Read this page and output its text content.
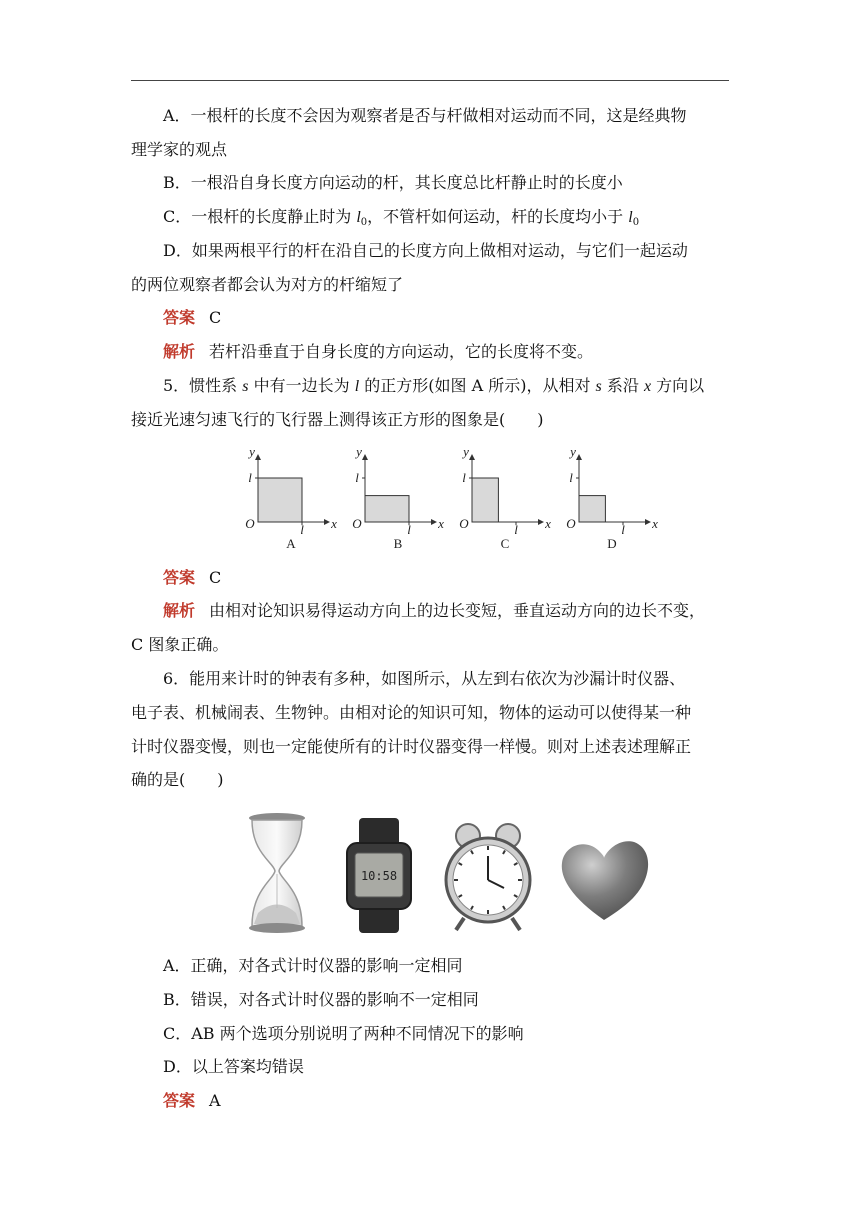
A．一根杆的长度不会因为观察者是否与杆做相对运动而不同，这是经典物
理学家的观点
B．一根沿自身长度方向运动的杆，其长度总比杆静止时的长度小
C．一根杆的长度静止时为 $l_0$，不管杆如何运动，杆的长度均小于 $l_0$
D．如果两根平行的杆在沿自己的长度方向上做相对运动，与它们一起运动
的两位观察者都会认为对方的杆缩短了
答案 C
解析 若杆沿垂直于自身长度的方向运动，它的长度将不变。
5．惯性系 s 中有一边长为 l 的正方形(如图 A 所示)，从相对 s 系沿 x 方向以
接近光速匀速飞行的飞行器上测得该正方形的图象是(　　)
y
x
O	l
l
A
y
x
O	l
l
B
y
x
O	l
l
C
y
x
O	l
l
D
答案 C
解析 由相对论知识易得运动方向上的边长变短，垂直运动方向的边长不变，
C 图象正确。
6．能用来计时的钟表有多种，如图所示，从左到右依次为沙漏计时仪器、
电子表、机械闹表、生物钟。由相对论的知识可知，物体的运动可以使得某一种
计时仪器变慢，则也一定能使所有的计时仪器变得一样慢。则对上述表述理解正
确的是(　　)
10:58
A．正确，对各式计时仪器的影响一定相同
B．错误，对各式计时仪器的影响不一定相同
C．AB 两个选项分别说明了两种不同情况下的影响
D．以上答案均错误
答案 A
